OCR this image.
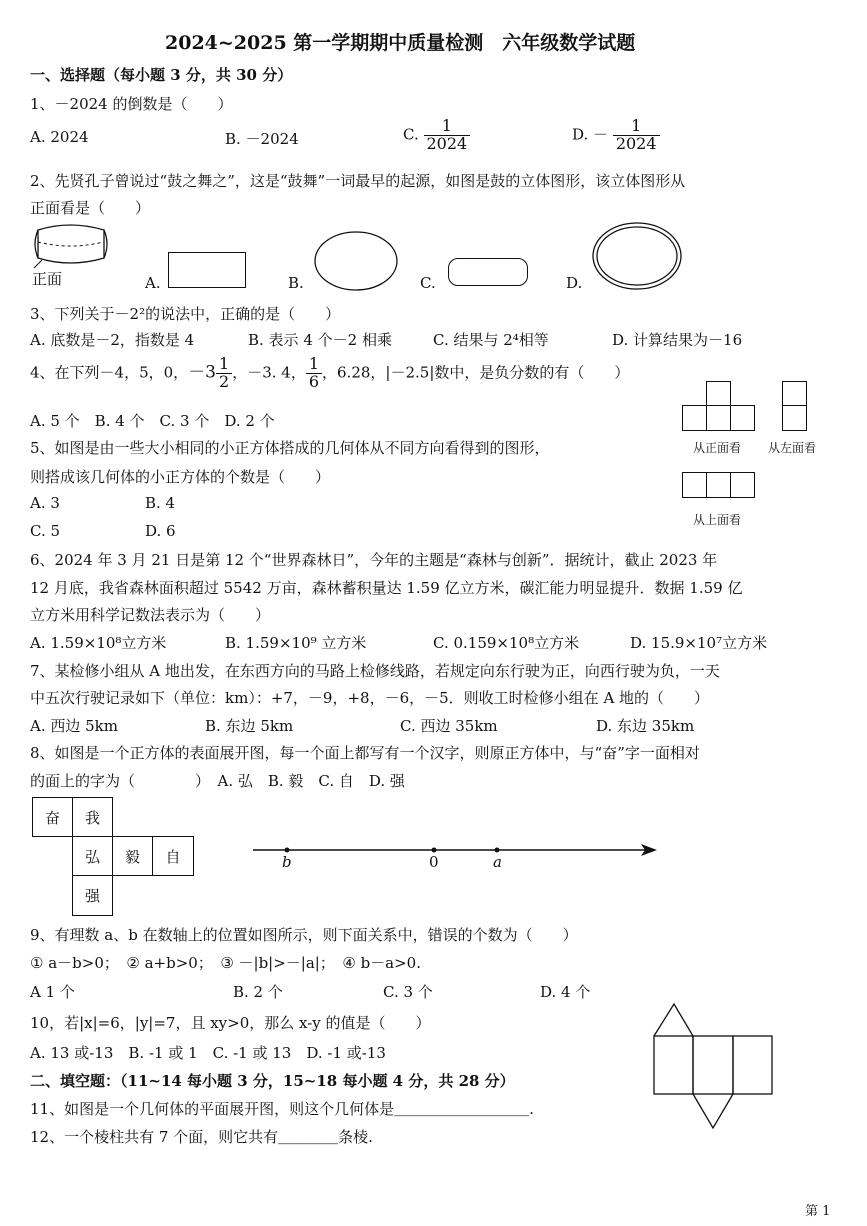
2024~2025 第一学期期中质量检测　六年级数学试题
一、选择题（每小题 3 分，共 30 分）
1、－2024 的倒数是（　　）
A. 2024	B. －2024	C. $\frac{1}{2024}$	D. － $\frac{1}{2024}$
2、先贤孔子曾说过“鼓之舞之”，这是“鼓舞”一词最早的起源，如图是鼓的立体图形，该立体图形从
正面看是（　　）
正面	A.	B.	C.	D.
3、下列关于－2²的说法中，正确的是（　　）
A. 底数是－2，指数是 4	B. 表示 4 个－2 相乘	C. 结果与 2⁴相等	D. 计算结果为－16
4、在下列－4，5，0，$-3 \frac{1}{2}$ ，－3. 4， $\frac{1}{6}$ ，6.28，|－2.5|数中，是负分数的有（　　）
A. 5 个　B. 4 个　C. 3 个　D. 2 个
从正面看 从左面看
从上面看
5、如图是由一些大小相同的小正方体搭成的几何体从不同方向看得到的图形，
则搭成该几何体的小正方体的个数是（　　）
A. 3	B. 4
C. 5	D. 6
6、2024 年 3 月 21 日是第 12 个“世界森林日”，今年的主题是“森林与创新”．据统计，截止 2023 年
12 月底，我省森林面积超过 5542 万亩，森林蓄积量达 1.59 亿立方米，碳汇能力明显提升．数据 1.59 亿
立方米用科学记数法表示为（　　）
A. 1.59×10⁸立方米	B. 1.59×10⁹ 立方米	C. 0.159×10⁸立方米	D. 15.9×10⁷立方米
7、某检修小组从 A 地出发，在东西方向的马路上检修线路，若规定向东行驶为正，向西行驶为负，一天
中五次行驶记录如下（单位：km）：+7，－9，+8，－6，－5．则收工时检修小组在 A 地的（　　）
A. 西边 5km	B. 东边 5km	C. 西边 35km	D. 东边 35km
8、如图是一个正方体的表面展开图，每一个面上都写有一个汉字，则原正方体中，与“奋”字一面相对
的面上的字为（　　　　）　A. 弘　B. 毅　C. 自　D. 强
奋	我
弘	毅	自
强
b	0	a
9、有理数 a、b 在数轴上的位置如图所示，则下面关系中，错误的个数为（　　）
① a－b>0；　② a+b>0；　③ －|b|>－|a|；　④ b－a>0.
A 1 个	B. 2 个	C. 3 个	D. 4 个
10，若|x|=6，|y|=7，且 xy>0，那么 x-y 的值是（　　）
A. 13 或-13　B. -1 或 1　C. -1 或 13　D. -1 或-13
二、填空题：（11~14 每小题 3 分，15~18 每小题 4 分，共 28 分）
11、如图是一个几何体的平面展开图，则这个几何体是＿＿＿＿＿＿＿＿＿.
12、一个棱柱共有 7 个面，则它共有＿＿＿＿条棱.
第 1
